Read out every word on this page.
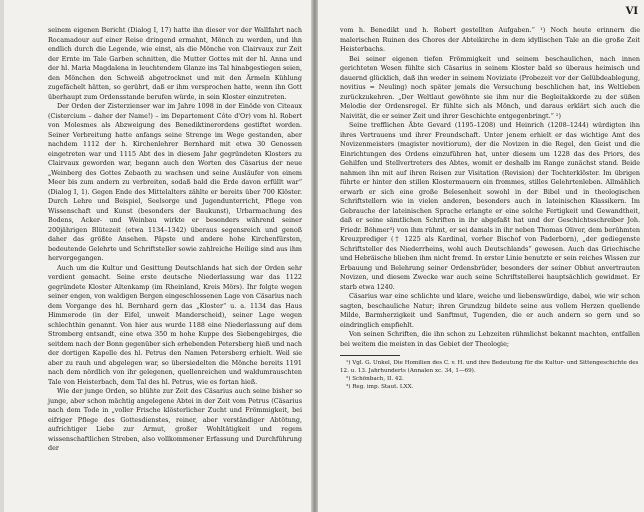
seinem eigenen Bericht (Dialog I, 17) hatte ihn dieser vor der Wallfahrt nach Rocamadour auf einer Reise dringend ermahnt, Mönch zu werden, und ihn endlich durch die Legende, wie einst, als die Mönche von Clairvaux zur Zeit der Ernte im Tale Garben schnitten, die Mutter Gottes mit der hl. Anna und der hl. Maria Magdalena in leuchtendem Glanze ins Tal hinabgestiegen seien, den Mönchen den Schweiß abgetrocknet und mit den Ärmeln Kühlung zugefächelt hätten, so gerührt, daß er ihm versprochen hatte, wenn ihn Gott überhaupt zum Ordensstande berufen würde, in sein Kloster einzutreten.

Der Orden der Zisterzienser war im Jahre 1098 in der Einöde von Citeaux (Cistercium – daher der Name!) – im Departement Côte d'Or) vom hl. Robert von Molesmes als Abzweigung des Benediktinerordens gestiftet worden. Seiner Verbreitung hatte anfangs seine Strenge im Wege gestanden, aber nachdem 1112 der h. Kirchenlehrer Bernhard mit etwa 30 Genossen eingetreten war und 1115 Abt des in diesem Jahr gegründeten Klosters zu Clairvaux geworden war, begann auch den Worten des Cäsarius der neue „Weinberg des Gottes Zebaoth zu wachsen und seine Ausläufer von einem Meer bis zum andern zu verbreiten, sodaß bald die Erde davon erfüllt war“ (Dialog I, 1). Gegen Ende des Mittelalters zählte er bereits über 700 Klöster. Durch Lehre und Beispiel, Seelsorge und Jugendunterricht, Pflege von Wissenschaft und Kunst (besonders der Baukunst), Urbarmachung des Bodens, Acker- und Weinbau wirkte er besonders während seiner 200jährigen Blütezeit (etwa 1134–1342) überaus segensreich und genoß daher das größte Ansehen. Päpste und andere hohe Kirchenfürsten, bedeutende Gelehrte und Schriftsteller sowie zahlreiche Heilige sind aus ihm hervorgegangen.

Auch um die Kultur und Gesittung Deutschlands hat sich der Orden sehr verdient gemacht. Seine erste deutsche Niederlassung war das 1122 gegründete Kloster Altenkamp (im Rheinland, Kreis Mörs). Ihr folgte wegen seiner engen, von waldigen Bergen eingeschlossenen Lage von Cäsarius nach dem Vorgange des hl. Bernhard gern das „Kloster“ u. a. 1134 das Haus Himmerode (in der Eifel, unweit Manderscheid), seiner Lage wegen schlechthin genannt. Von hier aus wurde 1188 eine Niederlassung auf dem Stromberg entsandt, eine etwa 350 m hohe Kuppe des Siebengebirges, die seitdem nach der Bonn gegenüber sich erhebenden Petersberg hieß und nach der dortigen Kapelle des hl. Petrus den Namen Petersberg erhielt. Weil sie aber zu rauh und abgelegen war, so übersiedelten die Mönche bereits 1191 nach dem nördlich von ihr gelegenen, quellenreichen und waldumrauschten Tale von Heisterbach, dem Tal des hl. Petrus, wie es fortan hieß.

Wie der junge Orden, so blühte zur Zeit des Cäsarius auch seine bisher so junge, aber schon mächtig angelegene Abtei in der Zeit vom Petrus (Cäsarius nach dem Tode in „voller Frische klösterlicher Zucht und Frömmigkeit, bei eifriger Pflege des Gottesdienstes, reiner, aber verständiger Abtötung, aufrichtiger Liebe zur Armut, großer Wohltätigkeit und regem wissenschaftlichen Streben, also vollkommener Erfassung und Durchführung der

VI

vom h. Benedikt und h. Robert gestellten Aufgaben.“ ¹) Noch heute erinnern die malerischen Ruinen des Chores der Abteikirche in dem idyllischen Tale an die große Zeit Heisterbachs.

Bei seiner eigenen tiefen Frömmigkeit und seinem beschaulichen, nach innen gerichteten Wesen fühlte sich Cäsarius in seinem Kloster bald so überaus heimisch und dauernd glücklich, daß ihn weder in seinem Noviziate (Probezeit vor der Gelübdeablegung, novitius = Neuling) noch später jemals die Versuchung beschlichen hat, ins Weltleben zurückzukehren. „Der Weltlaut gewöhnte sie ihm nur die Begleitakkorde zu der süßen Melodie der Ordensregel. Er fühlte sich als Mönch, und daraus erklärt sich auch die Naivität, die er seiner Zeit und ihrer Geschichte entgegenbringt.“ ²)

Seine trefflichen Äbte Gevard (1195–1208) und Heinrich (1208–1244) würdigten ihn ihres Vertrauens und ihrer Freundschaft. Unter jenem erhielt er das wichtige Amt des Novizenmeisters (magister novitiorum), der die Novizen in die Regel, den Geist und die Einrichtungen des Ordens einzuführen hat, unter diesem um 1228 das des Priors, des Gehilfen und Stellvertreters des Abtes, womit er deshalb im Range zunächst stand. Beide nahmen ihn mit auf ihren Reisen zur Visitation (Revision) der Tochterklöster. Im übrigen führte er hinter den stillen Klostermauern ein frommes, stilles Gelehrtenleben. Allmählich erwarb er sich eine große Belesenheit sowohl in der Bibel und in theologischen Schriftstellern wie in vielen anderen, besonders auch in lateinischen Klassikern. Im Gebrauche der lateinischen Sprache erlangte er eine solche Fertigkeit und Gewandtheit, daß er seine sämtlichen Schriften in ihr abgefaßt hat und der Geschichtsschreiber Joh. Friedr. Böhmer³) von ihm rühmt, er sei damals in ihr neben Thomas Oliver, dem berühmten Kreuzprediger († 1225 als Kardinal, vorher Bischof von Paderborn), „der gediegenste Schriftsteller des Niederrheins, wohl auch Deutschlands“ gewesen. Auch das Griechische und Hebräische blieben ihm nicht fremd. In erster Linie benutzte er sein reiches Wissen zur Erbauung und Belehrung seiner Ordensbrüder, besonders der seiner Obhut anvertrauten Novizen, und diesem Zwecke war auch seine Schriftstellerei hauptsächlich gewidmet. Er starb etwa 1240.

Cäsarius war eine schlichte und klare, weiche und liebenswürdige, dabei, wie wir schon sagten, beschauliche Natur; ihren Grundzug bildete seine aus vollem Herzen quellende Milde, Barmherzigkeit und Sanftmut, Tugenden, die er auch andern so gern und so eindringlich empfiehlt.

Von seinen Schriften, die ihn schon zu Lebzeiten rühmlichst bekannt machten, entfallen bei weitem die meisten in das Gebiet der Theologie;

¹) Vgl. G. Unkel, Die Homilien des C. v. H. und ihre Bedeutung für die Kultur- und Sittengeschichte des 12. u. 13. Jahrhunderts (Annalen xc. 34, 1—69).

²) Schönbach, II. 42.

³) Reg. imp. Staut. LXX.
